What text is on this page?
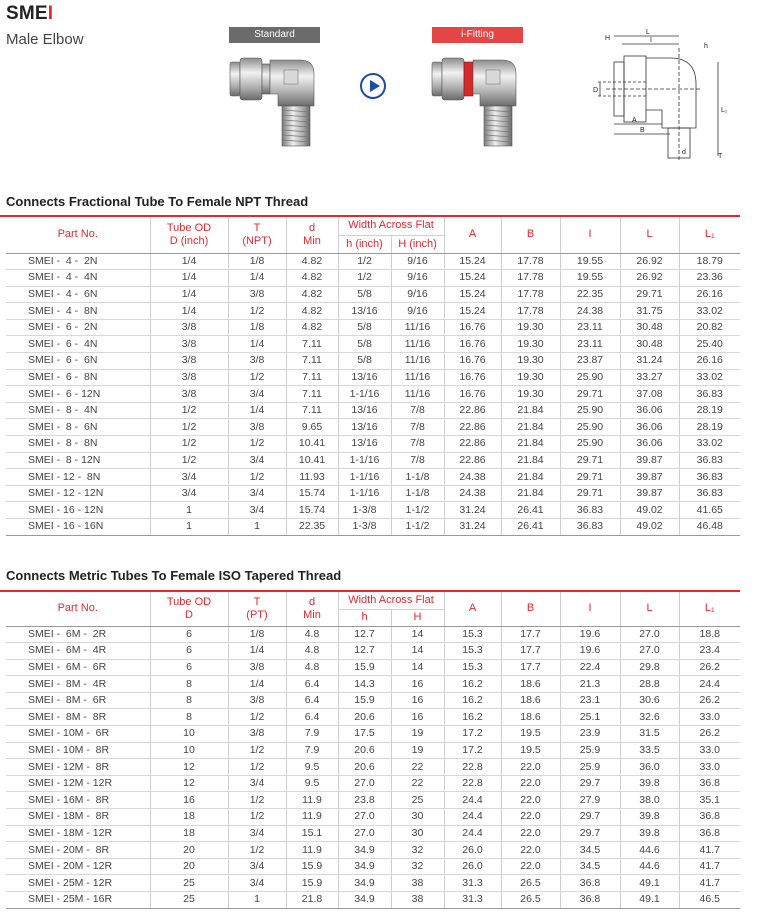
SMEI
Male Elbow	Standard	i-Fitting	H
L
I
h
D
L₁
A
B
d
T
Connects Fractional Tube To Female NPT Thread
Part No.	Tube OD
D (inch)	T
(NPT)	d
Min	Width Across Flat		A	B	I	L	L₁
				h (inch)	H (inch)					
SMEI -  4 -  2N	1/4	1/8	4.82	1/2	9/16	15.24	17.78	19.55	26.92	18.79
SMEI -  4 -  4N	1/4	1/4	4.82	1/2	9/16	15.24	17.78	19.55	26.92	23.36
SMEI -  4 -  6N	1/4	3/8	4.82	5/8	9/16	15.24	17.78	22.35	29.71	26.16
SMEI -  4 -  8N	1/4	1/2	4.82	13/16	9/16	15.24	17.78	24.38	31.75	33.02
SMEI -  6 -  2N	3/8	1/8	4.82	5/8	11/16	16.76	19.30	23.11	30.48	20.82
SMEI -  6 -  4N	3/8	1/4	7.11	5/8	11/16	16.76	19.30	23.11	30.48	25.40
SMEI -  6 -  6N	3/8	3/8	7.11	5/8	11/16	16.76	19.30	23.87	31.24	26.16
SMEI -  6 -  8N	3/8	1/2	7.11	13/16	11/16	16.76	19.30	25.90	33.27	33.02
SMEI -  6 - 12N	3/8	3/4	7.11	1-1/16	11/16	16.76	19.30	29.71	37.08	36.83
SMEI -  8 -  4N	1/2	1/4	7.11	13/16	7/8	22.86	21.84	25.90	36.06	28.19
SMEI -  8 -  6N	1/2	3/8	9.65	13/16	7/8	22.86	21.84	25.90	36.06	28.19
SMEI -  8 -  8N	1/2	1/2	10.41	13/16	7/8	22.86	21.84	25.90	36.06	33.02
SMEI -  8 - 12N	1/2	3/4	10.41	1-1/16	7/8	22.86	21.84	29.71	39.87	36.83
SMEI - 12 -  8N	3/4	1/2	11.93	1-1/16	1-1/8	24.38	21.84	29.71	39.87	36.83
SMEI - 12 - 12N	3/4	3/4	15.74	1-1/16	1-1/8	24.38	21.84	29.71	39.87	36.83
SMEI - 16 - 12N	1	3/4	15.74	1-3/8	1-1/2	31.24	26.41	36.83	49.02	41.65
SMEI - 16 - 16N	1	1	22.35	1-3/8	1-1/2	31.24	26.41	36.83	49.02	46.48
Connects Metric Tubes To Female ISO Tapered Thread
Part No.	Tube OD
D	T
(PT)	d
Min	Width Across Flat		A	B	I	L	L₁
				h	H					
SMEI -  6M -  2R	6	1/8	4.8	12.7	14	15.3	17.7	19.6	27.0	18.8
SMEI -  6M -  4R	6	1/4	4.8	12.7	14	15.3	17.7	19.6	27.0	23.4
SMEI -  6M -  6R	6	3/8	4.8	15.9	14	15.3	17.7	22.4	29.8	26.2
SMEI -  8M -  4R	8	1/4	6.4	14.3	16	16.2	18.6	21.3	28.8	24.4
SMEI -  8M -  6R	8	3/8	6.4	15.9	16	16.2	18.6	23.1	30.6	26.2
SMEI -  8M -  8R	8	1/2	6.4	20.6	16	16.2	18.6	25.1	32.6	33.0
SMEI - 10M -  6R	10	3/8	7.9	17.5	19	17.2	19.5	23.9	31.5	26.2
SMEI - 10M -  8R	10	1/2	7.9	20.6	19	17.2	19.5	25.9	33.5	33.0
SMEI - 12M -  8R	12	1/2	9.5	20.6	22	22.8	22.0	25.9	36.0	33.0
SMEI - 12M - 12R	12	3/4	9.5	27.0	22	22.8	22.0	29.7	39.8	36.8
SMEI - 16M -  8R	16	1/2	11.9	23.8	25	24.4	22.0	27.9	38.0	35.1
SMEI - 18M -  8R	18	1/2	11.9	27.0	30	24.4	22.0	29.7	39.8	36.8
SMEI - 18M - 12R	18	3/4	15.1	27.0	30	24.4	22.0	29.7	39.8	36.8
SMEI - 20M -  8R	20	1/2	11.9	34.9	32	26.0	22.0	34.5	44.6	41.7
SMEI - 20M - 12R	20	3/4	15.9	34.9	32	26.0	22.0	34.5	44.6	41.7
SMEI - 25M - 12R	25	3/4	15.9	34.9	38	31.3	26.5	36.8	49.1	41.7
SMEI - 25M - 16R	25	1	21.8	34.9	38	31.3	26.5	36.8	49.1	46.5
